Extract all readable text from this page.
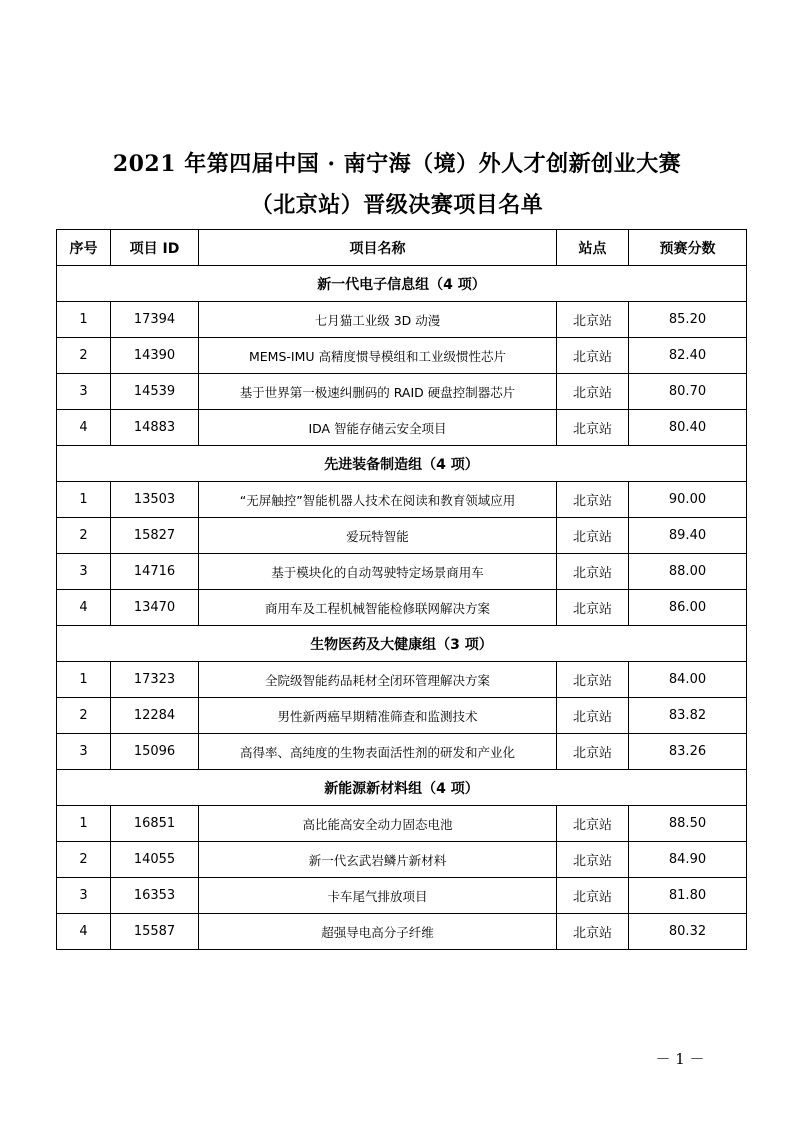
2021 年第四届中国 · 南宁海（境）外人才创新创业大赛
（北京站）晋级决赛项目名单
序号	项目 ID	项目名称	站点	预赛分数
新一代电子信息组（4 项）				
1	17394	七月猫工业级 3D 动漫	北京站	85.20
2	14390	MEMS-IMU 高精度惯导模组和工业级惯性芯片	北京站	82.40
3	14539	基于世界第一极速纠删码的 RAID 硬盘控制器芯片	北京站	80.70
4	14883	IDA 智能存储云安全项目	北京站	80.40
先进装备制造组（4 项）				
1	13503	“无屏触控”智能机器人技术在阅读和教育领域应用	北京站	90.00
2	15827	爱玩特智能	北京站	89.40
3	14716	基于模块化的自动驾驶特定场景商用车	北京站	88.00
4	13470	商用车及工程机械智能检修联网解决方案	北京站	86.00
生物医药及大健康组（3 项）				
1	17323	全院级智能药品耗材全闭环管理解决方案	北京站	84.00
2	12284	男性新两癌早期精准筛查和监测技术	北京站	83.82
3	15096	高得率、高纯度的生物表面活性剂的研发和产业化	北京站	83.26
新能源新材料组（4 项）				
1	16851	高比能高安全动力固态电池	北京站	88.50
2	14055	新一代玄武岩鳞片新材料	北京站	84.90
3	16353	卡车尾气排放项目	北京站	81.80
4	15587	超强导电高分子纤维	北京站	80.32
－ 1 －
